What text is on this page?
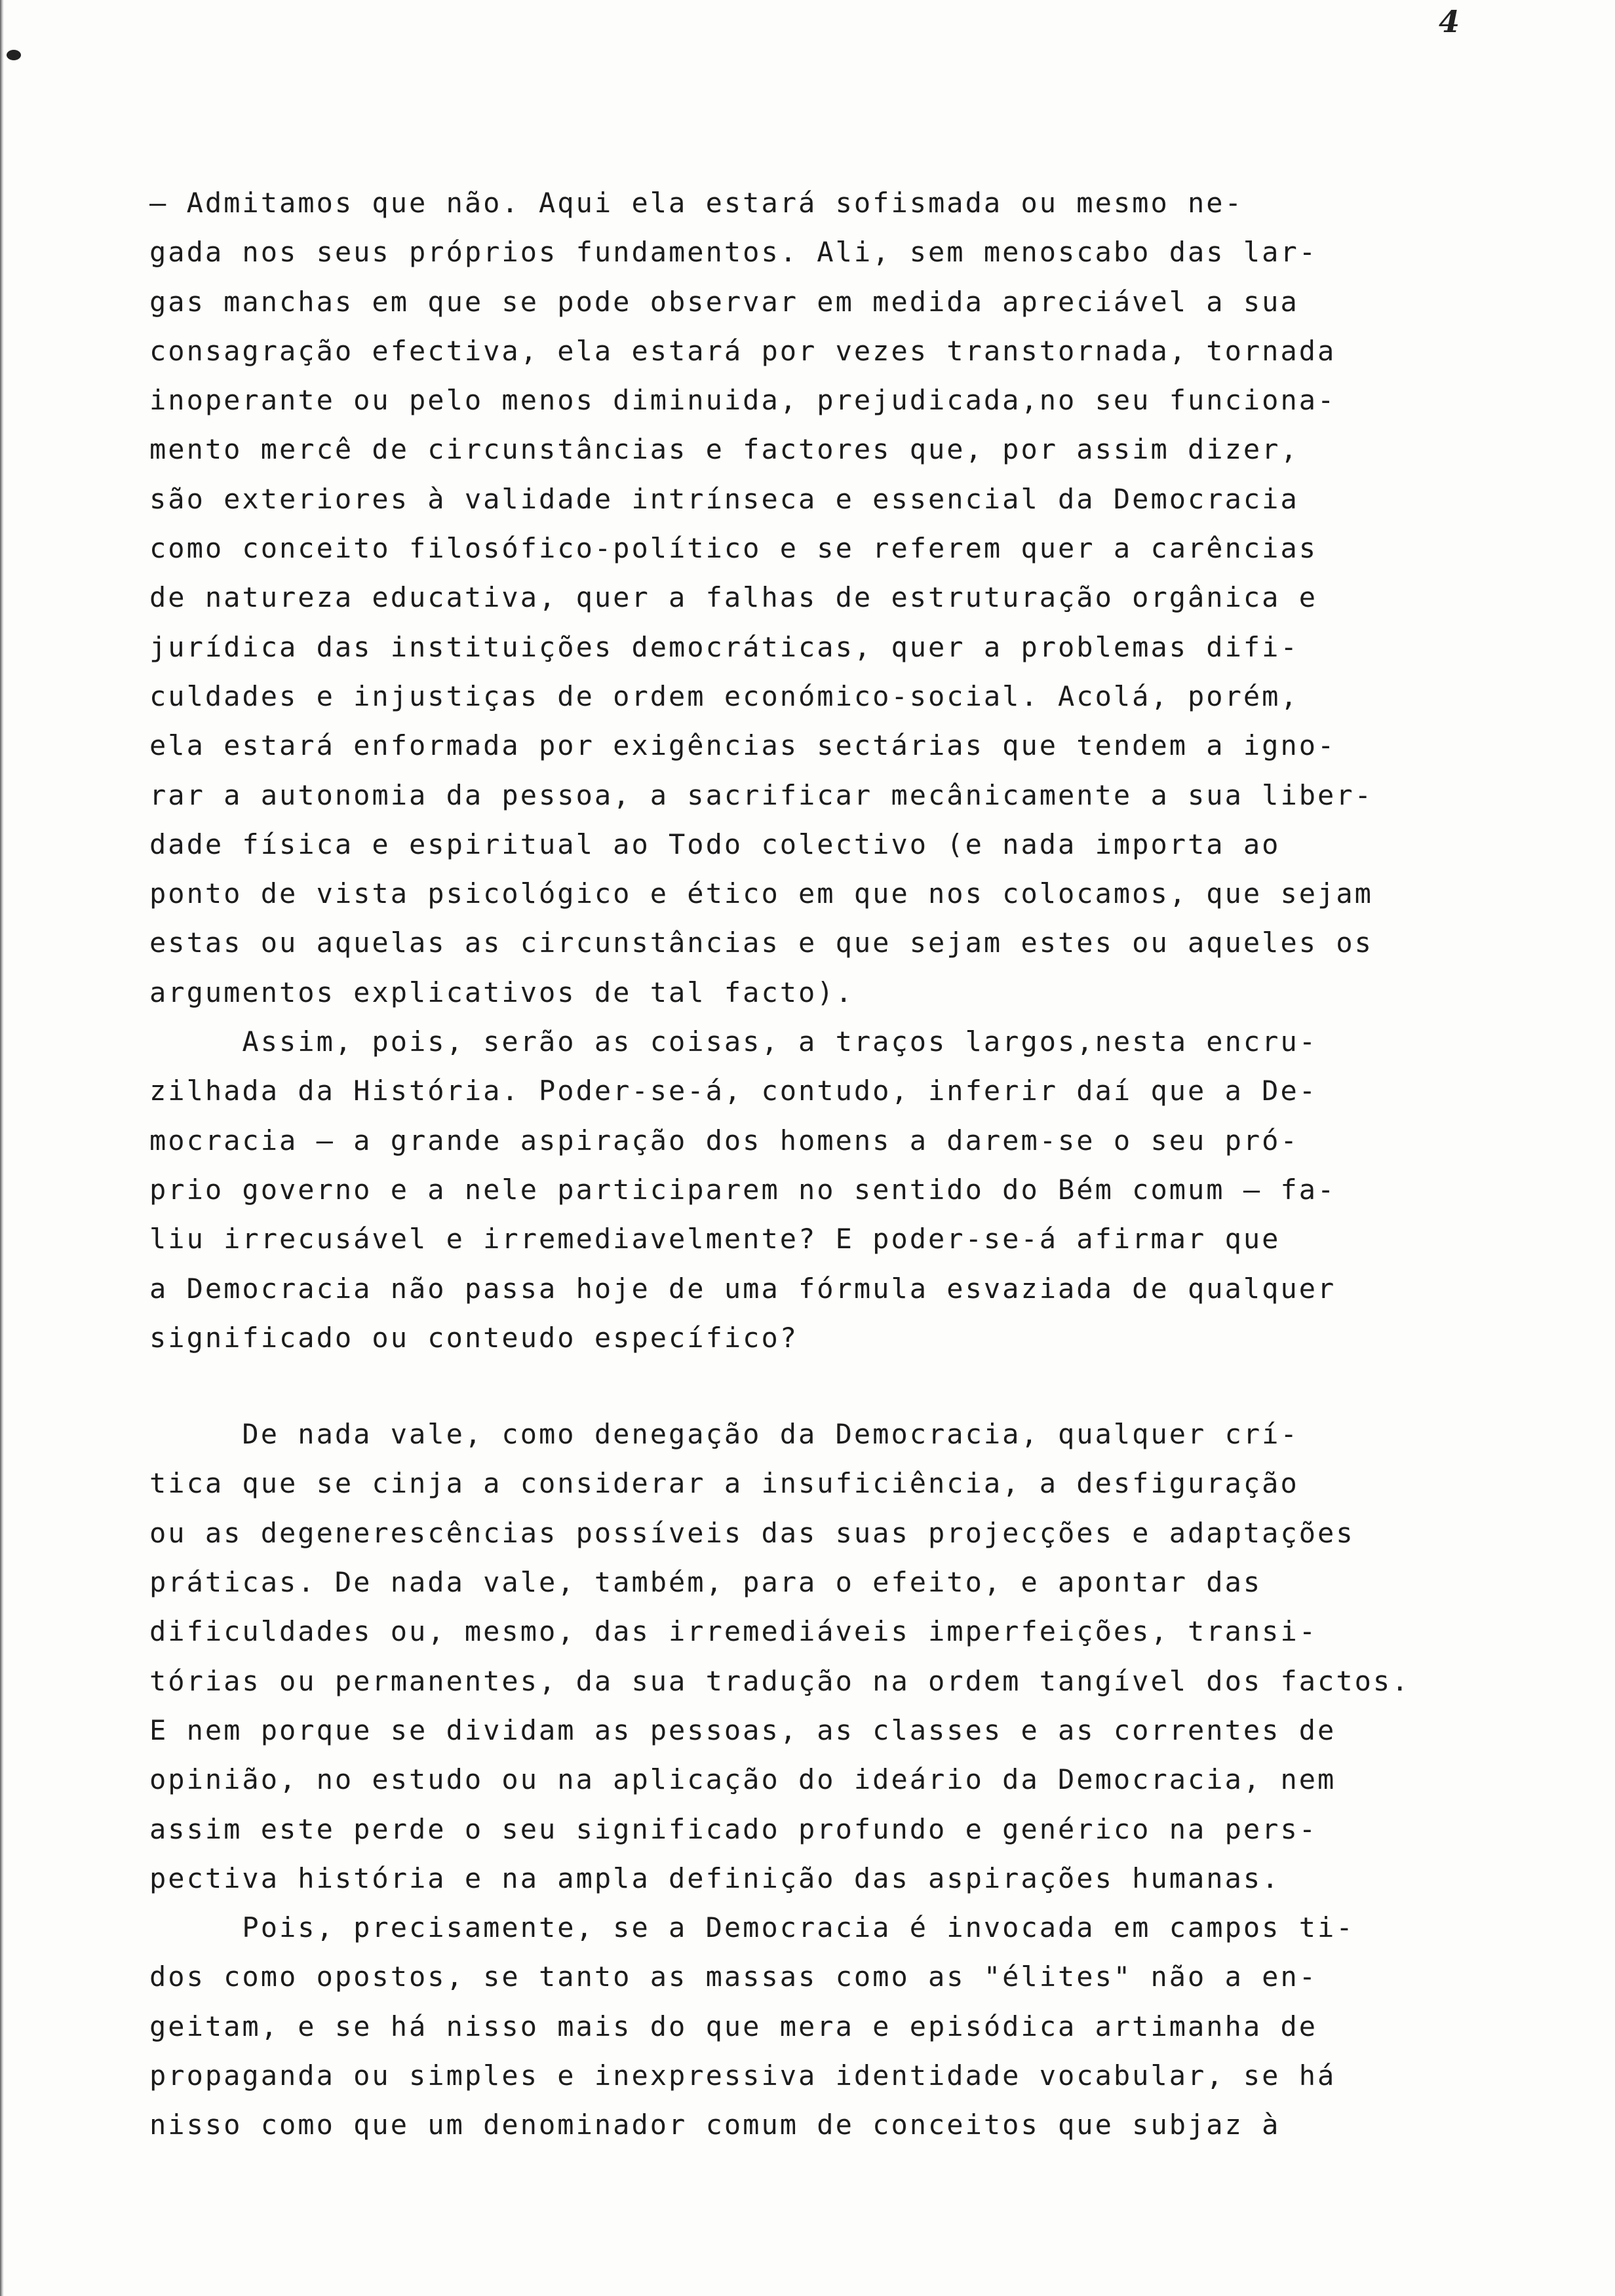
4
— Admitamos que não. Aqui ela estará sofismada ou mesmo ne-
gada nos seus próprios fundamentos. Ali, sem menoscabo das lar-
gas manchas em que se pode observar em medida apreciável a sua
consagração efectiva, ela estará por vezes transtornada, tornada
inoperante ou pelo menos diminuida, prejudicada,no seu funciona-
mento mercê de circunstâncias e factores que, por assim dizer,
são exteriores à validade intrínseca e essencial da Democracia
como conceito filosófico-político e se referem quer a carências
de natureza educativa, quer a falhas de estruturação orgânica e
jurídica das instituições democráticas, quer a problemas difi-
culdades e injustiças de ordem económico-social. Acolá, porém,
ela estará enformada por exigências sectárias que tendem a igno-
rar a autonomia da pessoa, a sacrificar mecânicamente a sua liber-
dade física e espiritual ao Todo colectivo (e nada importa ao
ponto de vista psicológico e ético em que nos colocamos, que sejam
estas ou aquelas as circunstâncias e que sejam estes ou aqueles os
argumentos explicativos de tal facto).
Assim, pois, serão as coisas, a traços largos,nesta encru-
zilhada da História. Poder-se-á, contudo, inferir daí que a De-
mocracia — a grande aspiração dos homens a darem-se o seu pró-
prio governo e a nele participarem no sentido do Bém comum — fa-
liu irrecusável e irremediavelmente? E poder-se-á afirmar que
a Democracia não passa hoje de uma fórmula esvaziada de qualquer
significado ou conteudo específico?
De nada vale, como denegação da Democracia, qualquer crí-
tica que se cinja a considerar a insuficiência, a desfiguração
ou as degenerescências possíveis das suas projecções e adaptações
práticas. De nada vale, também, para o efeito, e apontar das
dificuldades ou, mesmo, das irremediáveis imperfeições, transi-
tórias ou permanentes, da sua tradução na ordem tangível dos factos.
E nem porque se dividam as pessoas, as classes e as correntes de
opinião, no estudo ou na aplicação do ideário da Democracia, nem
assim este perde o seu significado profundo e genérico na pers-
pectiva história e na ampla definição das aspirações humanas.
Pois, precisamente, se a Democracia é invocada em campos ti-
dos como opostos, se tanto as massas como as "élites" não a en-
geitam, e se há nisso mais do que mera e episódica artimanha de
propaganda ou simples e inexpressiva identidade vocabular, se há
nisso como que um denominador comum de conceitos que subjaz à
